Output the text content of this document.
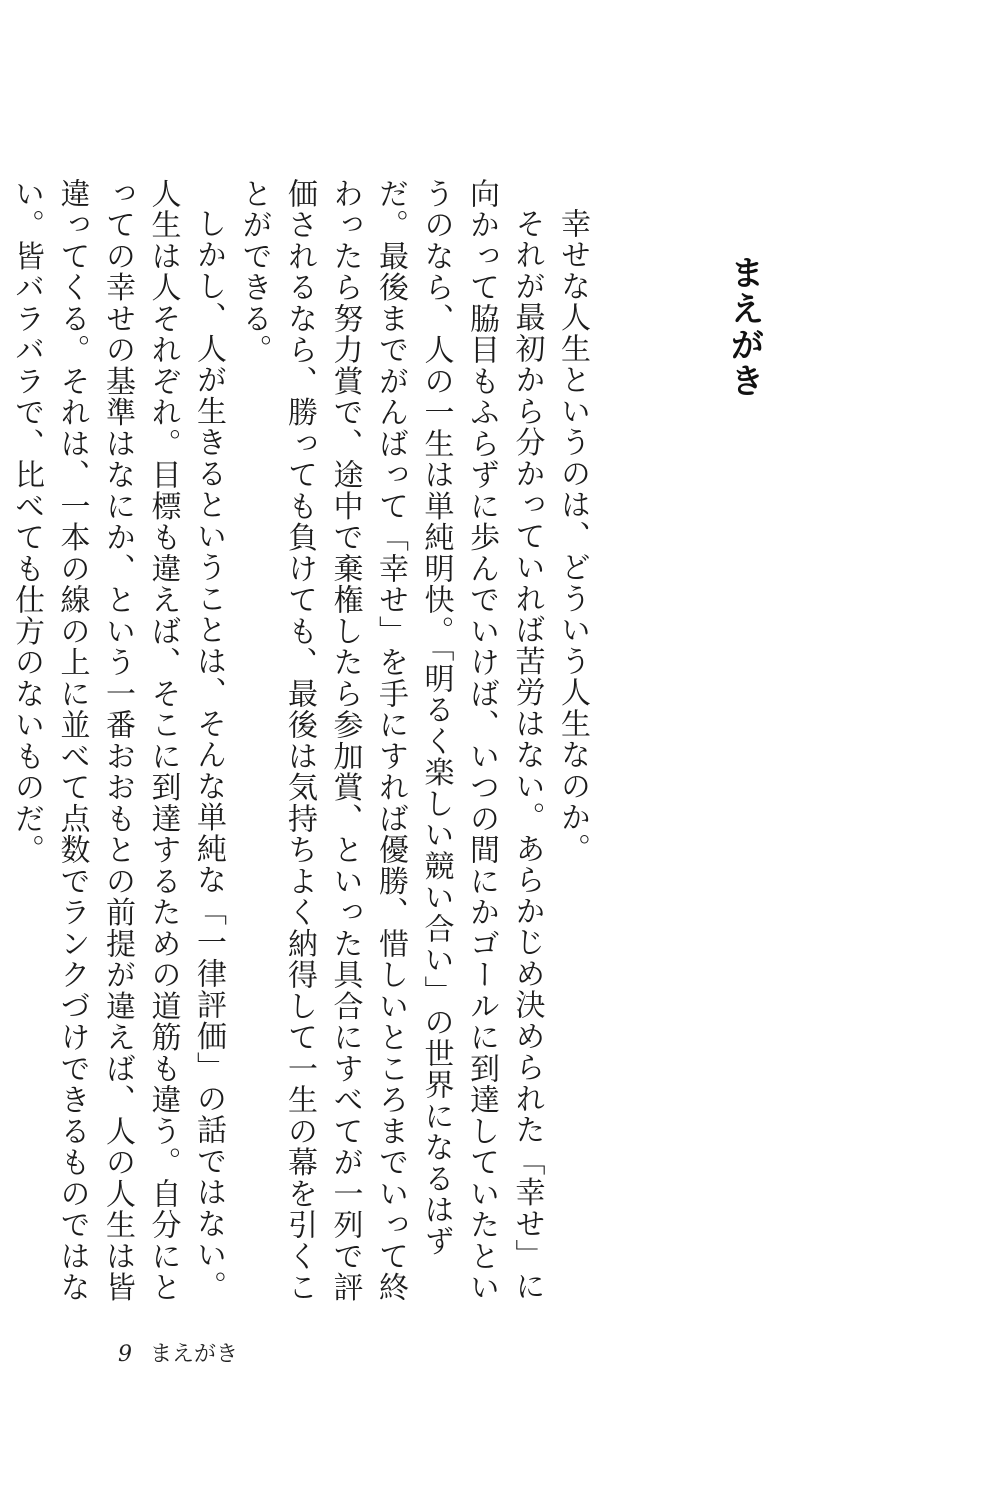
まえがき

幸せな人生というのは、どういう人生なのか。

それが最初から分かっていれば苦労はない。あらかじめ決められた「幸せ」に向かって脇目もふらずに歩んでいけば、いつの間にかゴールに到達していたというのなら、人の一生は単純明快。「明るく楽しい競い合い」の世界になるはずだ。最後までがんばって「幸せ」を手にすれば優勝、惜しいところまでいって終わったら努力賞で、途中で棄権したら参加賞、といった具合にすべてが一列で評価されるなら、勝っても負けても、最後は気持ちよく納得して一生の幕を引くことができる。

しかし、人が生きるということは、そんな単純な「一律評価」の話ではない。人生は人それぞれ。目標も違えば、そこに到達するための道筋も違う。自分にとっての幸せの基準はなにか、という一番おおもとの前提が違えば、人の人生は皆違ってくる。それは、一本の線の上に並べて点数でランクづけできるものではない。皆バラバラで、比べても仕方のないものだ。

9 まえがき
